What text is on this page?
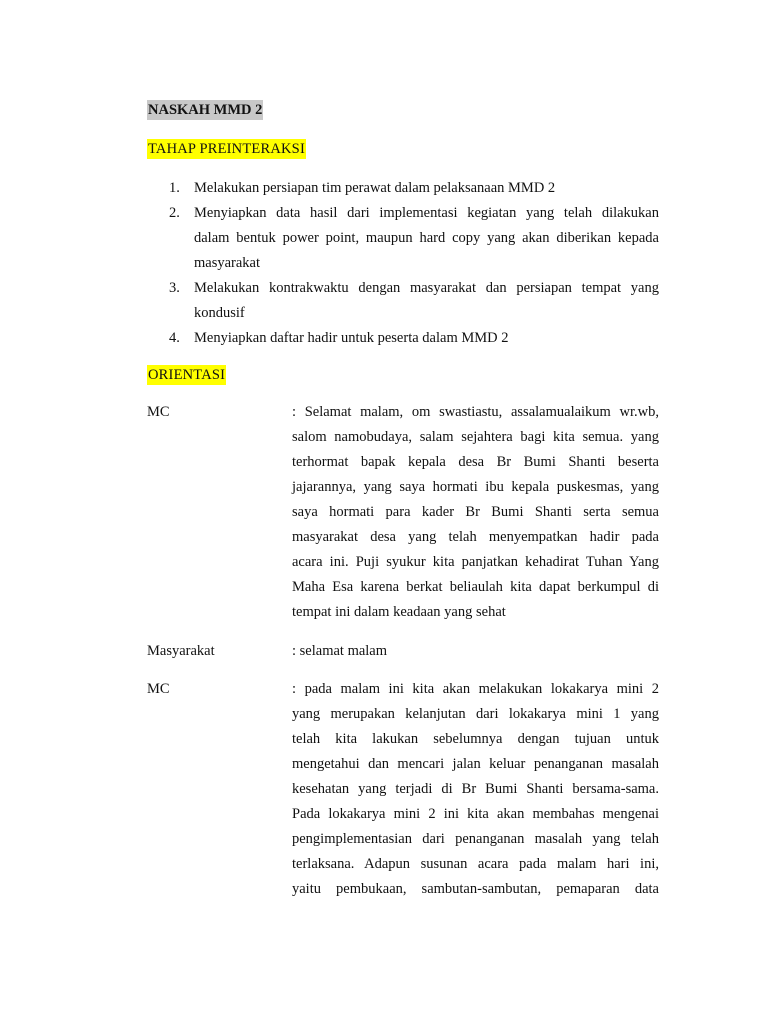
NASKAH MMD 2
TAHAP PREINTERAKSI
1. Melakukan persiapan tim perawat dalam pelaksanaan MMD 2
2. Menyiapkan data hasil dari implementasi kegiatan yang telah dilakukan
dalam bentuk power point, maupun hard copy yang akan diberikan kepada
masyarakat
3. Melakukan kontrakwaktu dengan masyarakat dan persiapan tempat yang
kondusif
4. Menyiapkan daftar hadir untuk peserta dalam MMD 2
ORIENTASI
MC	: Selamat malam, om swastiastu, assalamualaikum wr.wb,
salom namobudaya, salam sejahtera bagi kita semua. yang
terhormat bapak kepala desa Br Bumi Shanti beserta
jajarannya, yang saya hormati ibu kepala puskesmas, yang
saya hormati para kader Br Bumi Shanti serta semua
masyarakat desa yang telah menyempatkan hadir pada
acara ini. Puji syukur kita panjatkan kehadirat Tuhan Yang
Maha Esa karena berkat beliaulah kita dapat berkumpul di
tempat ini dalam keadaan yang sehat
Masyarakat	: selamat malam
MC	: pada malam ini kita akan melakukan lokakarya mini 2
yang merupakan kelanjutan dari lokakarya mini 1 yang
telah kita lakukan sebelumnya dengan tujuan untuk
mengetahui dan mencari jalan keluar penanganan masalah
kesehatan yang terjadi di Br Bumi Shanti bersama-sama.
Pada lokakarya mini 2 ini kita akan membahas mengenai
pengimplementasian dari penanganan masalah yang telah
terlaksana. Adapun susunan acara pada malam hari ini,
yaitu pembukaan, sambutan-sambutan, pemaparan data
